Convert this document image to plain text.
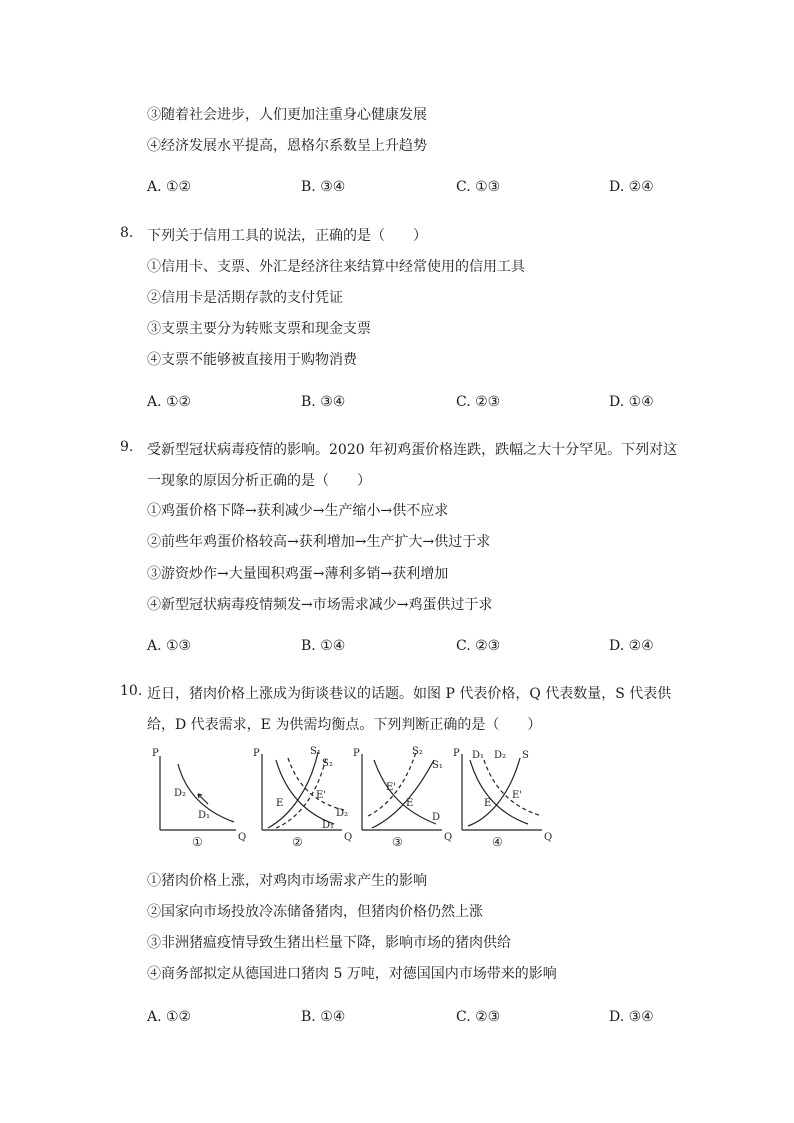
③随着社会进步，人们更加注重身心健康发展
④经济发展水平提高，恩格尔系数呈上升趋势
A. ①②	B. ③④	C. ①③	D. ②④
8. 下列关于信用工具的说法，正确的是（　　）
①信用卡、支票、外汇是经济往来结算中经常使用的信用工具
②信用卡是活期存款的支付凭证
③支票主要分为转账支票和现金支票
④支票不能够被直接用于购物消费
A. ①②	B. ③④	C. ②③	D. ①④
9. 受新型冠状病毒疫情的影响。2020 年初鸡蛋价格连跌，跌幅之大十分罕见。下列对这
一现象的原因分析正确的是（　　）
①鸡蛋价格下降→获利减少→生产缩小→供不应求
②前些年鸡蛋价格较高→获利增加→生产扩大→供过于求
③游资炒作→大量囤积鸡蛋→薄利多销→获利增加
④新型冠状病毒疫情频发→市场需求减少→鸡蛋供过于求
A. ①③	B. ①④	C. ②③	D. ②④
10. 近日，猪肉价格上涨成为街谈巷议的话题。如图 P 代表价格，Q 代表数量，S 代表供
给，D 代表需求，E 为供需均衡点。下列判断正确的是（　　）
P
Q
D₂
D₁
①
P
Q
S₁
S₂
E
E'
D₂
D₁
②
P
Q
S₂
S₁
E'
E
D
③
P
Q
D₁ D₂ S
E
E'
④
①猪肉价格上涨，对鸡肉市场需求产生的影响
②国家向市场投放冷冻储备猪肉，但猪肉价格仍然上涨
③非洲猪瘟疫情导致生猪出栏量下降，影响市场的猪肉供给
④商务部拟定从德国进口猪肉 5 万吨，对德国国内市场带来的影响
A. ①②	B. ①④	C. ②③	D. ③④
